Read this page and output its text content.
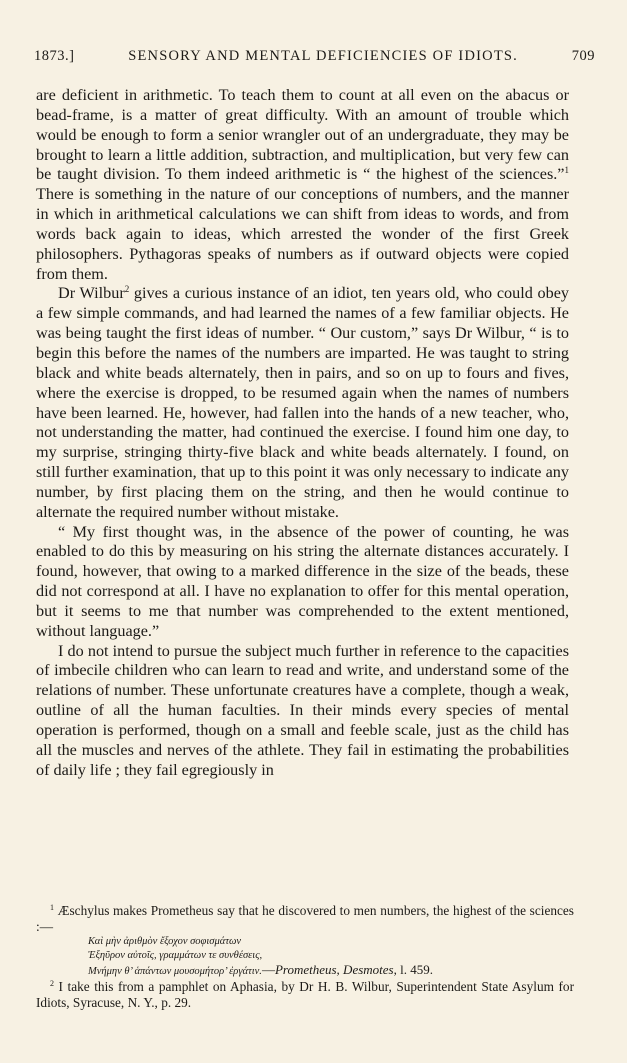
1873.]	SENSORY AND MENTAL DEFICIENCIES OF IDIOTS.	709

are deficient in arithmetic. To teach them to count at all even on the abacus or bead-frame, is a matter of great difficulty. With an amount of trouble which would be enough to form a senior wrangler out of an undergraduate, they may be brought to learn a little addition, subtraction, and multiplication, but very few can be taught division. To them indeed arithmetic is “ the highest of the sciences.”$^1$ There is something in the nature of our conceptions of numbers, and the manner in which in arithmetical calculations we can shift from ideas to words, and from words back again to ideas, which arrested the wonder of the first Greek philosophers. Pythagoras speaks of numbers as if outward objects were copied from them.

Dr Wilbur$^2$ gives a curious instance of an idiot, ten years old, who could obey a few simple commands, and had learned the names of a few familiar objects. He was being taught the first ideas of number. “ Our custom,” says Dr Wilbur, “ is to begin this before the names of the numbers are imparted. He was taught to string black and white beads alternately, then in pairs, and so on up to fours and fives, where the exercise is dropped, to be resumed again when the names of numbers have been learned. He, however, had fallen into the hands of a new teacher, who, not understanding the matter, had continued the exercise. I found him one day, to my surprise, stringing thirty-five black and white beads alternately. I found, on still further examination, that up to this point it was only necessary to indicate any number, by first placing them on the string, and then he would continue to alternate the required number without mistake.

“ My first thought was, in the absence of the power of counting, he was enabled to do this by measuring on his string the alternate distances accurately. I found, however, that owing to a marked difference in the size of the beads, these did not correspond at all. I have no explanation to offer for this mental operation, but it seems to me that number was comprehended to the extent mentioned, without language.”

I do not intend to pursue the subject much further in reference to the capacities of imbecile children who can learn to read and write, and understand some of the relations of number. These unfortunate creatures have a complete, though a weak, outline of all the human faculties. In their minds every species of mental operation is performed, though on a small and feeble scale, just as the child has all the muscles and nerves of the athlete. They fail in estimating the probabilities of daily life ; they fail egregiously in

$^1$ Æschylus makes Prometheus say that he discovered to men numbers, the highest of the sciences :—

Καὶ μὴν ἀριθμὸν ἔξοχον σοφισμάτων
Ἐξηῦρον αὐτοῖς, γραμμάτων τε συνθέσεις,
Μνήμην θ’ ἁπάντων μουσομήτορ’ ἐργάτιν.—Prometheus, Desmotes, l. 459.

$^2$ I take this from a pamphlet on Aphasia, by Dr H. B. Wilbur, Superintendent State Asylum for Idiots, Syracuse, N. Y., p. 29.
